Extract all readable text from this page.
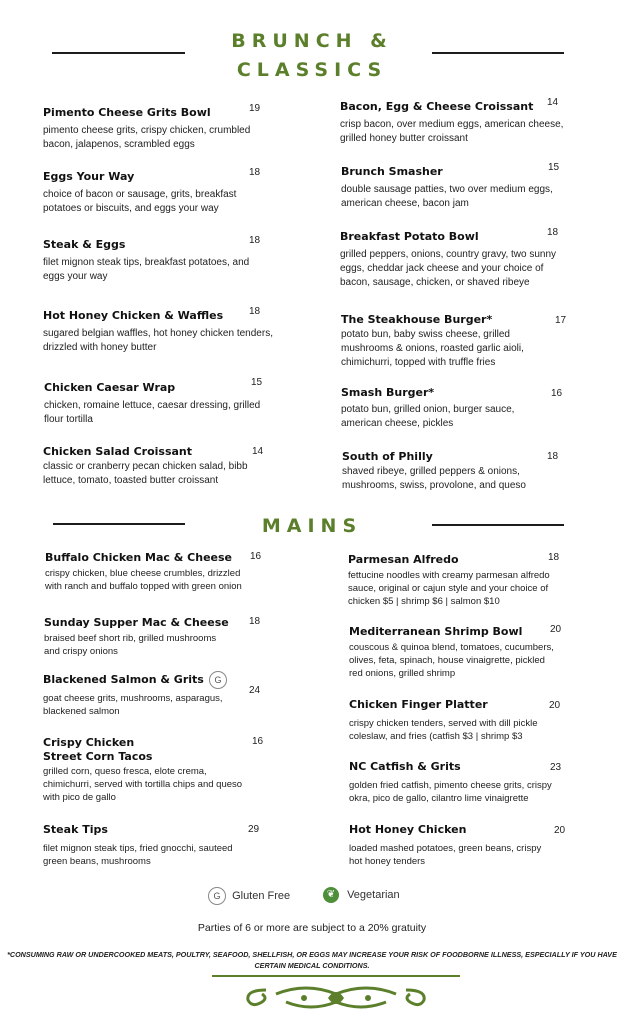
BRUNCH &
CLASSICS
Pimento Cheese Grits Bowl
pimento cheese grits, crispy chicken, crumbled bacon, jalapenos, scrambled eggs
19
Eggs Your Way
choice of bacon or sausage, grits, breakfast potatoes or biscuits, and eggs your way
18
Steak & Eggs
filet mignon steak tips, breakfast potatoes, and eggs your way
18
Hot Honey Chicken & Waffles
sugared belgian waffles, hot honey chicken tenders, drizzled with honey butter
18
Chicken Caesar Wrap
chicken, romaine lettuce, caesar dressing, grilled flour tortilla
15
Chicken Salad Croissant
classic or cranberry pecan chicken salad, bibb lettuce, tomato, toasted butter croissant
14
Bacon, Egg & Cheese Croissant
crisp bacon, over medium eggs, american cheese, grilled honey butter croissant
14
Brunch Smasher
double sausage patties, two over medium eggs, american cheese, bacon jam
15
Breakfast Potato Bowl
grilled peppers, onions, country gravy, two sunny eggs, cheddar jack cheese and your choice of bacon, sausage, chicken, or shaved ribeye
18
The Steakhouse Burger*
potato bun, baby swiss cheese, grilled mushrooms & onions, roasted garlic aioli, chimichurri, topped with truffle fries
17
Smash Burger*
potato bun, grilled onion, burger sauce, american cheese, pickles
16
South of Philly
shaved ribeye, grilled peppers & onions, mushrooms, swiss, provolone, and queso
18
MAINS
Buffalo Chicken Mac & Cheese
crispy chicken, blue cheese crumbles, drizzled with ranch and buffalo topped with green onion
16
Sunday Supper Mac & Cheese
braised beef short rib, grilled mushrooms and crispy onions
18
Blackened Salmon & Grits
goat cheese grits, mushrooms, asparagus, blackened salmon
G
24
Crispy Chicken Street Corn Tacos
grilled corn, queso fresca, elote crema, chimichurri, served with tortilla chips and queso with pico de gallo
16
Steak Tips
filet mignon steak tips, fried gnocchi, sauteed green beans, mushrooms
29
Parmesan Alfredo
fettucine noodles with creamy parmesan alfredo sauce, original or cajun style and your choice of chicken $5 | shrimp $6 | salmon $10
18
Mediterranean Shrimp Bowl
couscous & quinoa blend, tomatoes, cucumbers, olives, feta, spinach, house vinaigrette, pickled red onions, grilled shrimp
20
Chicken Finger Platter
crispy chicken tenders, served with dill pickle coleslaw, and fries (catfish $3 | shrimp $3
20
NC Catfish & Grits
golden fried catfish, pimento cheese grits, crispy okra, pico de gallo, cilantro lime vinaigrette
23
Hot Honey Chicken
loaded mashed potatoes, green beans, crispy hot honey tenders
20
G Gluten Free	❦ Vegetarian
Parties of 6 or more are subject to a 20% gratuity
*CONSUMING RAW OR UNDERCOOKED MEATS, POULTRY, SEAFOOD, SHELLFISH, OR EGGS MAY INCREASE YOUR RISK OF FOODBORNE ILLNESS, ESPECIALLY IF YOU HAVE CERTAIN MEDICAL CONDITIONS.
